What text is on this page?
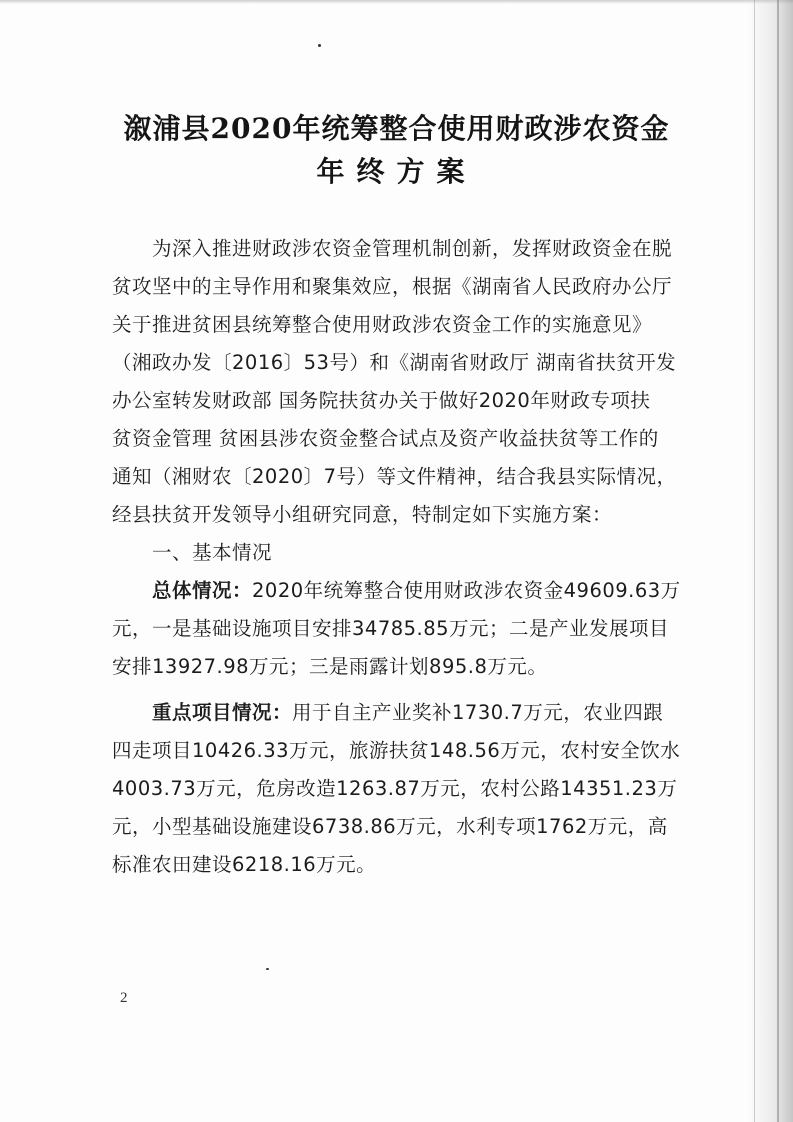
溆浦县2020年统筹整合使用财政涉农资金
年终方案
为深入推进财政涉农资金管理机制创新，发挥财政资金在脱
贫攻坚中的主导作用和聚集效应，根据《湖南省人民政府办公厅
关于推进贫困县统筹整合使用财政涉农资金工作的实施意见》
（湘政办发〔2016〕53号）和《湖南省财政厅 湖南省扶贫开发
办公室转发财政部 国务院扶贫办关于做好2020年财政专项扶
贫资金管理 贫困县涉农资金整合试点及资产收益扶贫等工作的
通知（湘财农〔2020〕7号）等文件精神，结合我县实际情况，
经县扶贫开发领导小组研究同意，特制定如下实施方案：
一、基本情况
总体情况：2020年统筹整合使用财政涉农资金49609.63万
元，一是基础设施项目安排34785.85万元；二是产业发展项目
安排13927.98万元；三是雨露计划895.8万元。
重点项目情况：用于自主产业奖补1730.7万元，农业四跟
四走项目10426.33万元，旅游扶贫148.56万元，农村安全饮水
4003.73万元，危房改造1263.87万元，农村公路14351.23万
元，小型基础设施建设6738.86万元，水利专项1762万元，高
标准农田建设6218.16万元。
2
